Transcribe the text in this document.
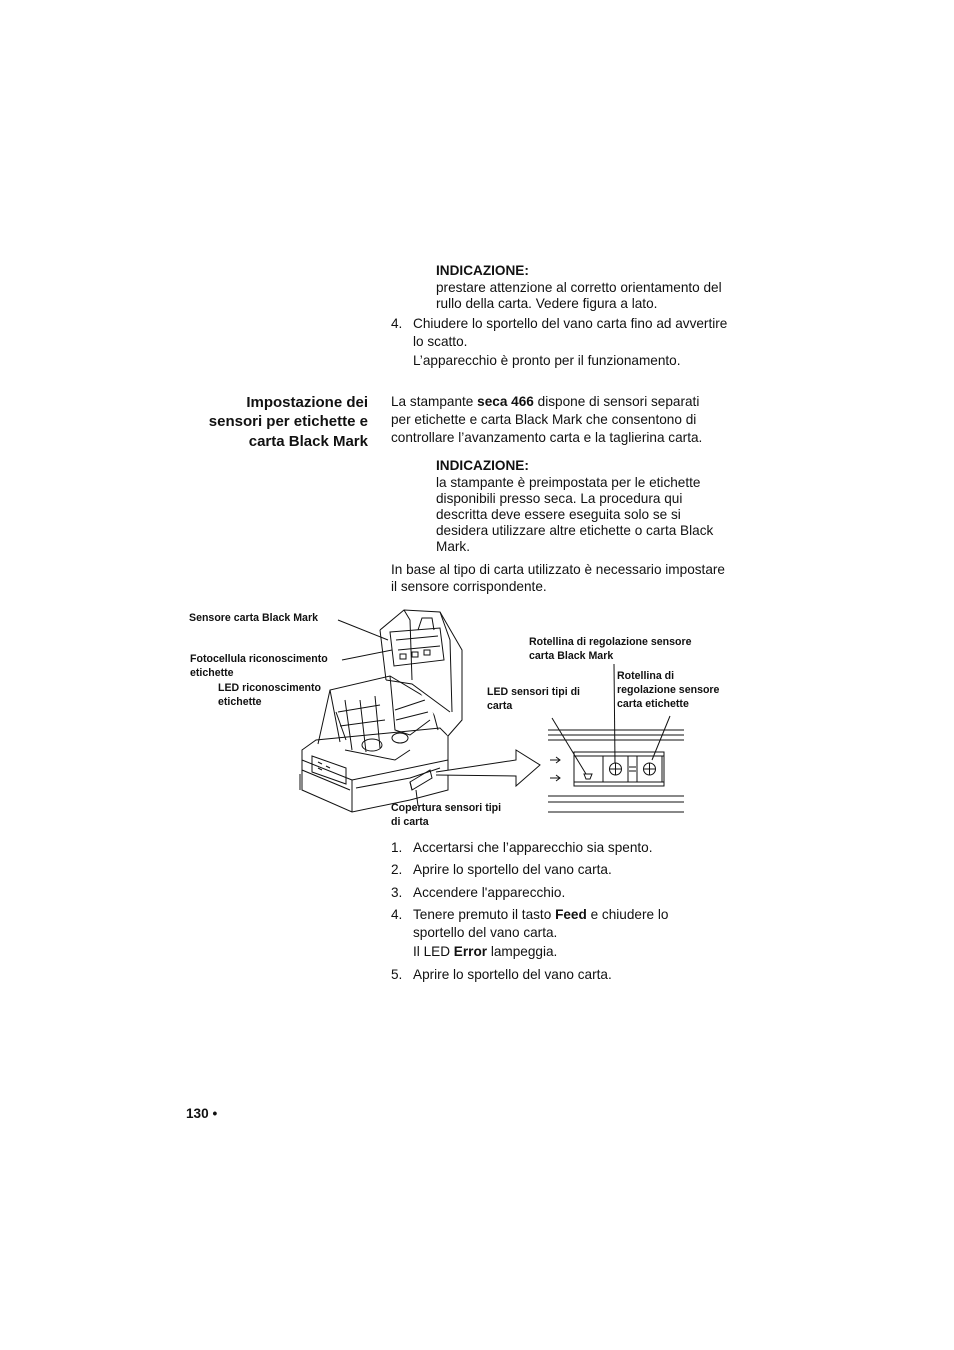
INDICAZIONE:
prestare attenzione al corretto orientamento del
rullo della carta. Vedere figura a lato.
4. Chiudere lo sportello del vano carta fino ad avvertire
lo scatto.
L’apparecchio è pronto per il funzionamento.
Impostazione dei
sensori per etichette e
carta Black Mark
La stampante seca 466 dispone di sensori separati
per etichette e carta Black Mark che consentono di
controllare l’avanzamento carta e la taglierina carta.
INDICAZIONE:
la stampante è preimpostata per le etichette
disponibili presso seca. La procedura qui
descritta deve essere eseguita solo se si
desidera utilizzare altre etichette o carta Black
Mark.
In base al tipo di carta utilizzato è necessario impostare
il sensore corrispondente.
Sensore carta Black Mark
Fotocellula riconoscimento
etichette
LED riconoscimento
etichette
Rotellina di regolazione sensore
carta Black Mark
LED sensori tipi di
carta
Rotellina di
regolazione sensore
carta etichette
Copertura sensori tipi
di carta
1. Accertarsi che l’apparecchio sia spento.
2. Aprire lo sportello del vano carta.
3. Accendere l'apparecchio.
4. Tenere premuto il tasto Feed e chiudere lo
sportello del vano carta.
Il LED Error lampeggia.
5. Aprire lo sportello del vano carta.
130 •
